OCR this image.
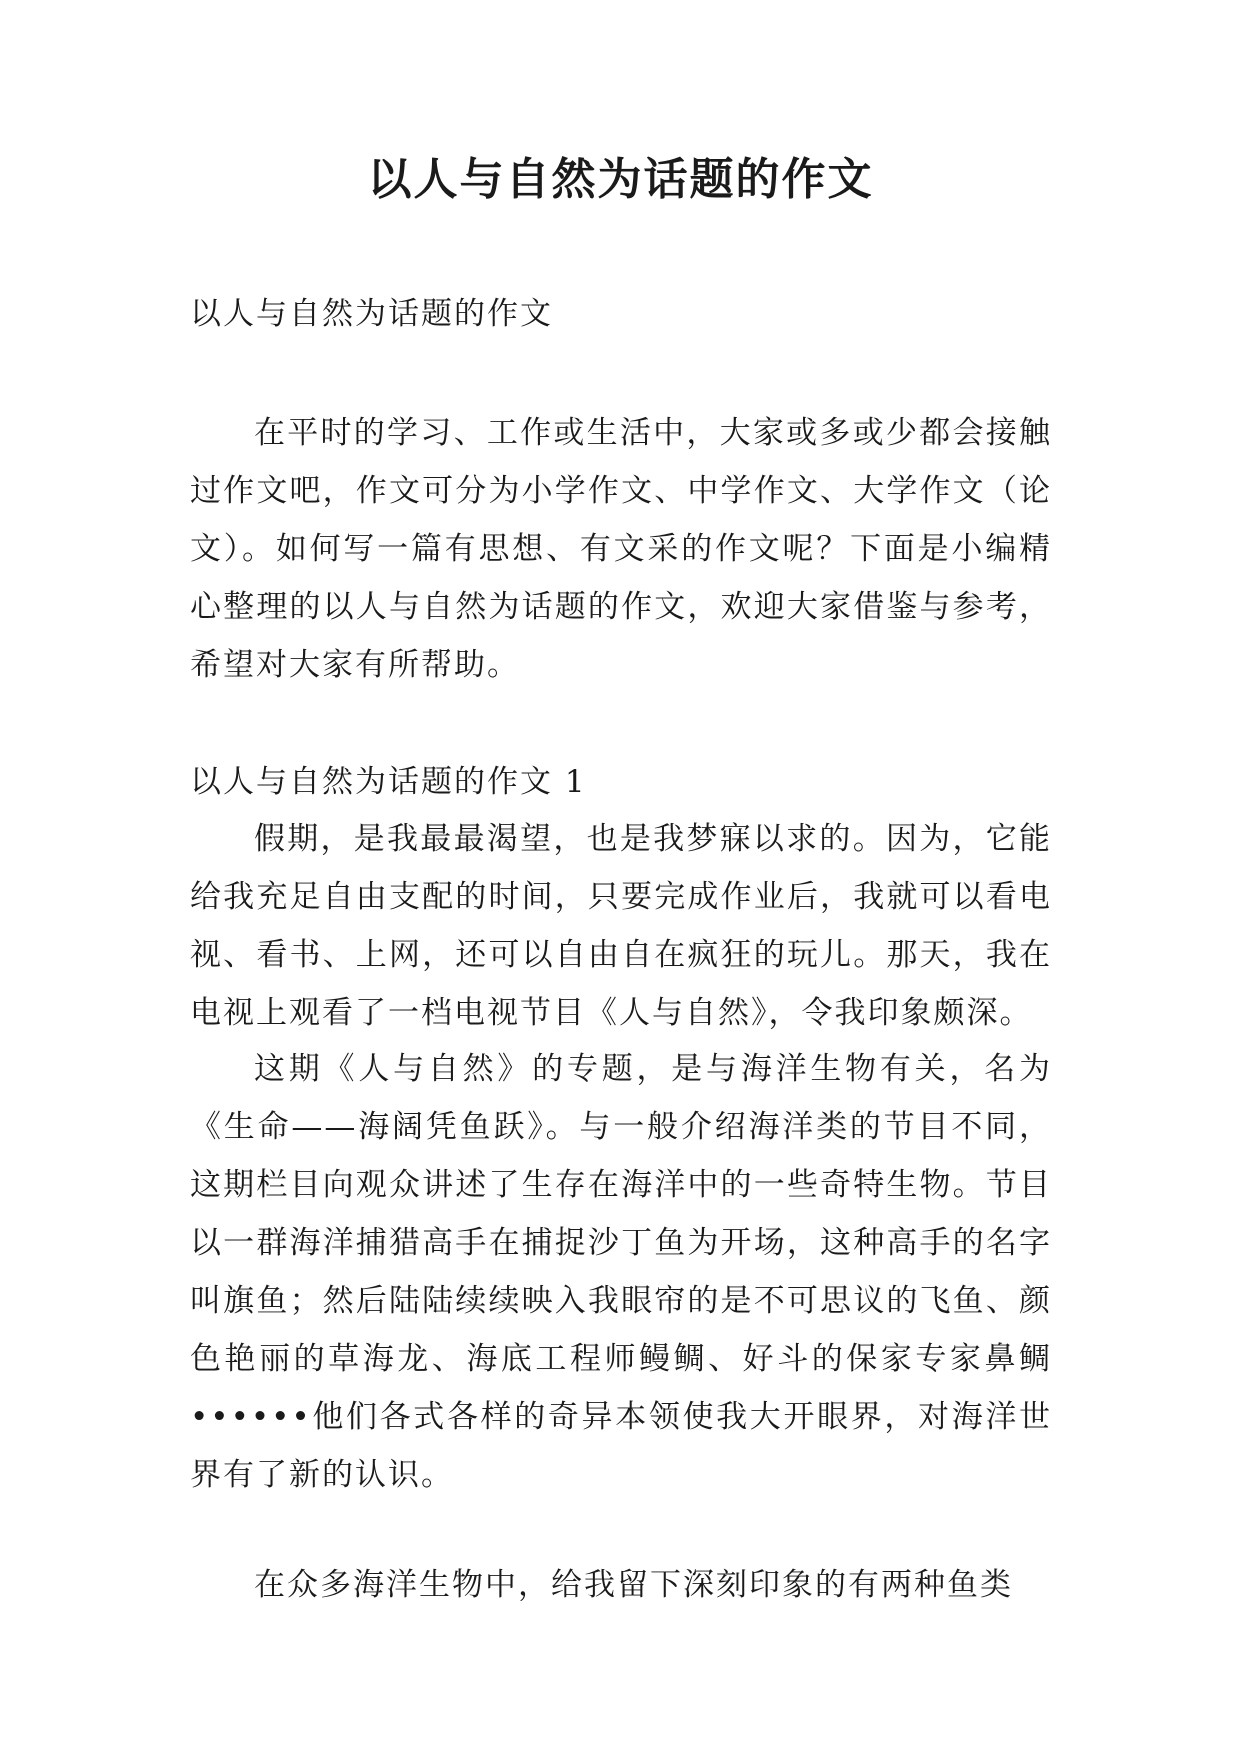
以人与自然为话题的作文

以人与自然为话题的作文

在平时的学习、工作或生活中，大家或多或少都会接触过作文吧，作文可分为小学作文、中学作文、大学作文（论文）。如何写一篇有思想、有文采的作文呢？下面是小编精心整理的以人与自然为话题的作文，欢迎大家借鉴与参考，希望对大家有所帮助。

以人与自然为话题的作文 1

假期，是我最最渴望，也是我梦寐以求的。因为，它能给我充足自由支配的时间，只要完成作业后，我就可以看电视、看书、上网，还可以自由自在疯狂的玩儿。那天，我在电视上观看了一档电视节目《人与自然》，令我印象颇深。

这期《人与自然》的专题，是与海洋生物有关，名为《生命——海阔凭鱼跃》。与一般介绍海洋类的节目不同，这期栏目向观众讲述了生存在海洋中的一些奇特生物。节目以一群海洋捕猎高手在捕捉沙丁鱼为开场，这种高手的名字叫旗鱼；然后陆陆续续映入我眼帘的是不可思议的飞鱼、颜色艳丽的草海龙、海底工程师鳗鲷、好斗的保家专家鼻鲷••••••他们各式各样的奇异本领使我大开眼界，对海洋世界有了新的认识。

在众多海洋生物中，给我留下深刻印象的有两种鱼类
